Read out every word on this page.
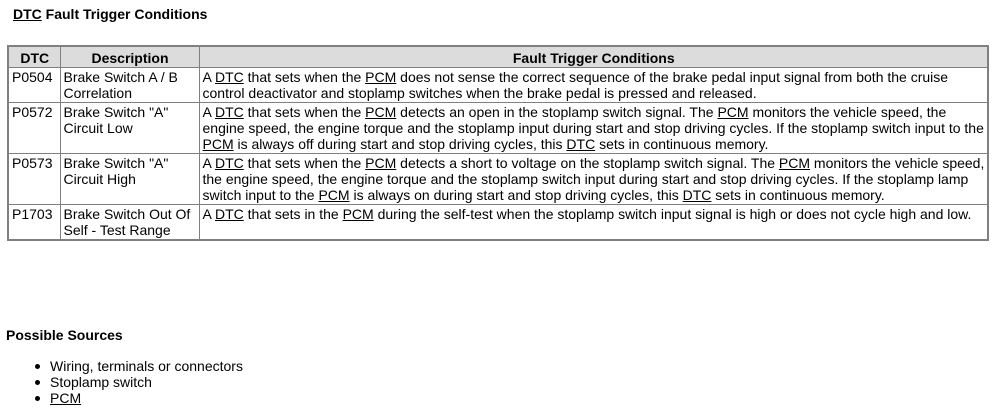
DTC Fault Trigger Conditions
DTC	Description	Fault Trigger Conditions
P0504	Brake Switch A / B Correlation	A DTC that sets when the PCM does not sense the correct sequence of the brake pedal input signal from both the cruise control deactivator and stoplamp switches when the brake pedal is pressed and released.
P0572	Brake Switch "A" Circuit Low	A DTC that sets when the PCM detects an open in the stoplamp switch signal. The PCM monitors the vehicle speed, the engine speed, the engine torque and the stoplamp input during start and stop driving cycles. If the stoplamp switch input to the PCM is always off during start and stop driving cycles, this DTC sets in continuous memory.
P0573	Brake Switch "A" Circuit High	A DTC that sets when the PCM detects a short to voltage on the stoplamp switch signal. The PCM monitors the vehicle speed, the engine speed, the engine torque and the stoplamp switch input during start and stop driving cycles. If the stoplamp lamp switch input to the PCM is always on during start and stop driving cycles, this DTC sets in continuous memory.
P1703	Brake Switch Out Of Self - Test Range	A DTC that sets in the PCM during the self-test when the stoplamp switch input signal is high or does not cycle high and low.
Possible Sources
Wiring, terminals or connectors
Stoplamp switch
PCM
